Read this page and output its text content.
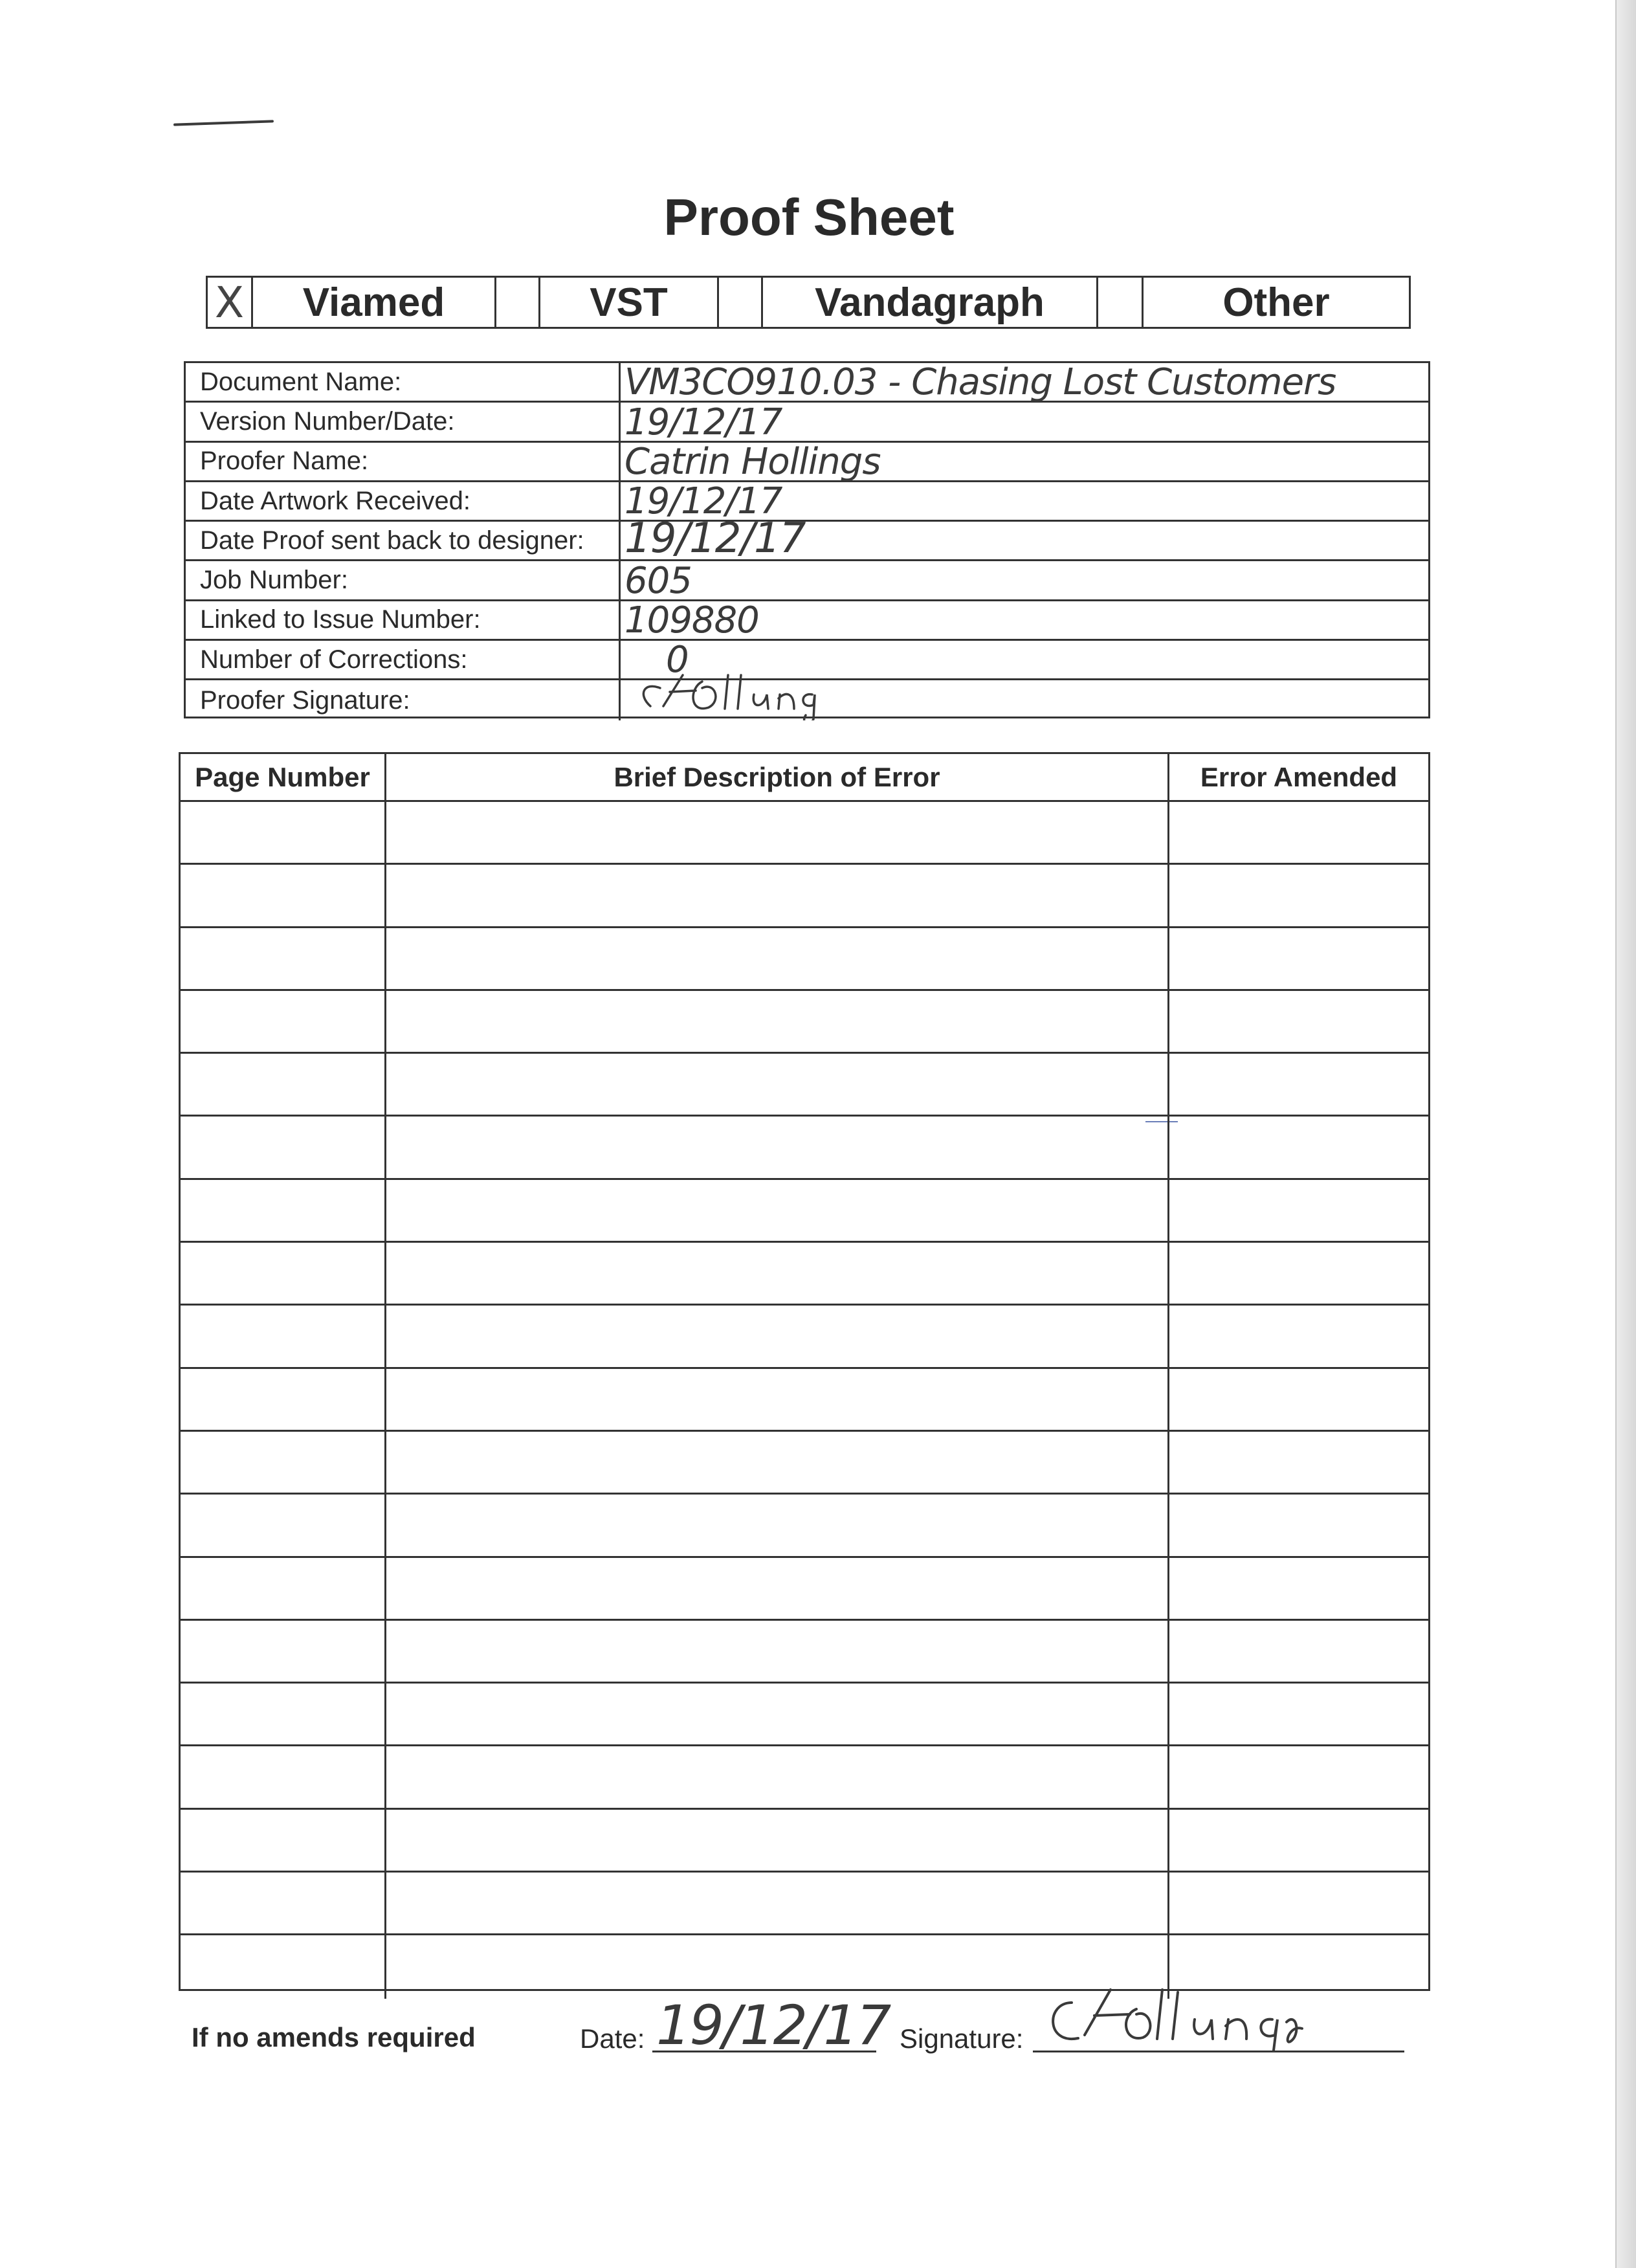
Proof Sheet
X	Viamed	VST	Vandagraph	Other
Document Name:	VM3CO910.03 - Chasing Lost Customers
Version Number/Date:	19/12/17
Proofer Name:	Catrin Hollings
Date Artwork Received:	19/12/17
Date Proof sent back to designer: 19/12/17
Job Number:	605
Linked to Issue Number:	109880
Number of Corrections:	0
Proofer Signature:
Page Number	Brief Description of Error	Error Amended
If no amends required	Date: 19/12/17 Signature:
